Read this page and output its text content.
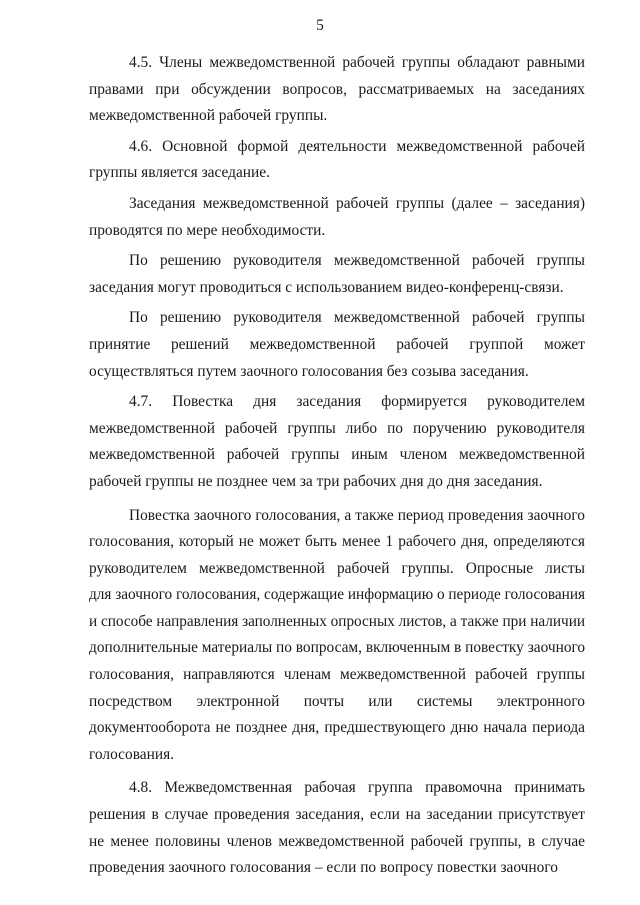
5
4.5. Члены межведомственной рабочей группы обладают равными
правами при обсуждении вопросов, рассматриваемых на заседаниях
межведомственной рабочей группы.
4.6. Основной формой деятельности межведомственной рабочей
группы является заседание.
Заседания межведомственной рабочей группы (далее – заседания)
проводятся по мере необходимости.
По решению руководителя межведомственной рабочей группы
заседания могут проводиться с использованием видео-конференц-связи.
По решению руководителя межведомственной рабочей группы
принятие решений межведомственной рабочей группой может
осуществляться путем заочного голосования без созыва заседания.
4.7. Повестка дня заседания формируется руководителем
межведомственной рабочей группы либо по поручению руководителя
межведомственной рабочей группы иным членом межведомственной
рабочей группы не позднее чем за три рабочих дня до дня заседания.
Повестка заочного голосования, а также период проведения заочного
голосования, который не может быть менее 1 рабочего дня, определяются
руководителем межведомственной рабочей группы. Опросные листы
для заочного голосования, содержащие информацию о периоде голосования
и способе направления заполненных опросных листов, а также при наличии
дополнительные материалы по вопросам, включенным в повестку заочного
голосования, направляются членам межведомственной рабочей группы
посредством электронной почты или системы электронного
документооборота не позднее дня, предшествующего дню начала периода
голосования.
4.8. Межведомственная рабочая группа правомочна принимать
решения в случае проведения заседания, если на заседании присутствует
не менее половины членов межведомственной рабочей группы, в случае
проведения заочного голосования – если по вопросу повестки заочного
